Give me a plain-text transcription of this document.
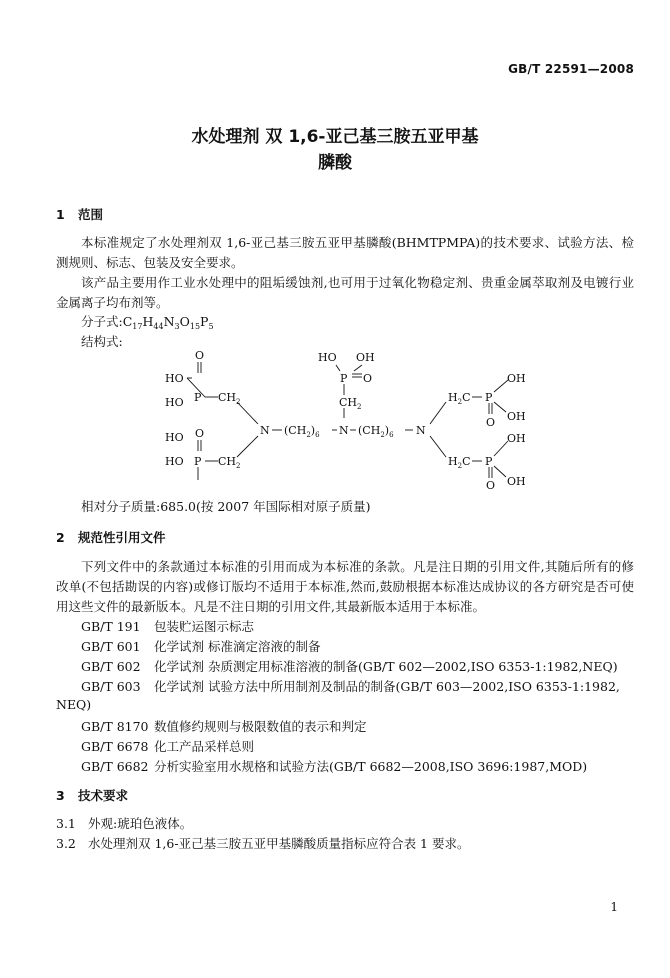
GB/T 22591—2008
水处理剂 双 1,6-亚己基三胺五亚甲基
膦酸
1 范围
本标准规定了水处理剂双 1,6-亚己基三胺五亚甲基膦酸(BHMTPMPA)的技术要求、试验方法、检测规则、标志、包装及安全要求。
该产品主要用作工业水处理中的阻垢缓蚀剂,也可用于过氧化物稳定剂、贵重金属萃取剂及电镀行业金属离子均布剂等。
分子式$:C_{17}H_{44}N_3O_{15}P_5$
结构式:
HO
O
P
HO	$CH_2$
HO O
P
HO	$CH_2$
N $(CH_2)_6$ N $(CH_2)_6$ N
$CH_2$
P O
HO OH
$H_2C$ P
OH
O OH
$H_2C$ P
OH
O OH
相对分子质量:685.0(按 2007 年国际相对原子质量)
2 规范性引用文件
下列文件中的条款通过本标准的引用而成为本标准的条款。凡是注日期的引用文件,其随后所有的修改单(不包括勘误的内容)或修订版均不适用于本标准,然而,鼓励根据本标准达成协议的各方研究是否可使用这些文件的最新版本。凡是不注日期的引用文件,其最新版本适用于本标准。
GB/T 191 包装贮运图示标志
GB/T 601 化学试剂 标准滴定溶液的制备
GB/T 602 化学试剂 杂质测定用标准溶液的制备(GB/T 602—2002,ISO 6353-1:1982,NEQ)
GB/T 603 化学试剂 试验方法中所用制剂及制品的制备(GB/T 603—2002,ISO 6353-1:1982,
NEQ)
GB/T 8170 数值修约规则与极限数值的表示和判定
GB/T 6678 化工产品采样总则
GB/T 6682 分析实验室用水规格和试验方法(GB/T 6682—2008,ISO 3696:1987,MOD)
3 技术要求
3.1 外观:琥珀色液体。
3.2 水处理剂双 1,6-亚己基三胺五亚甲基膦酸质量指标应符合表 1 要求。
1
